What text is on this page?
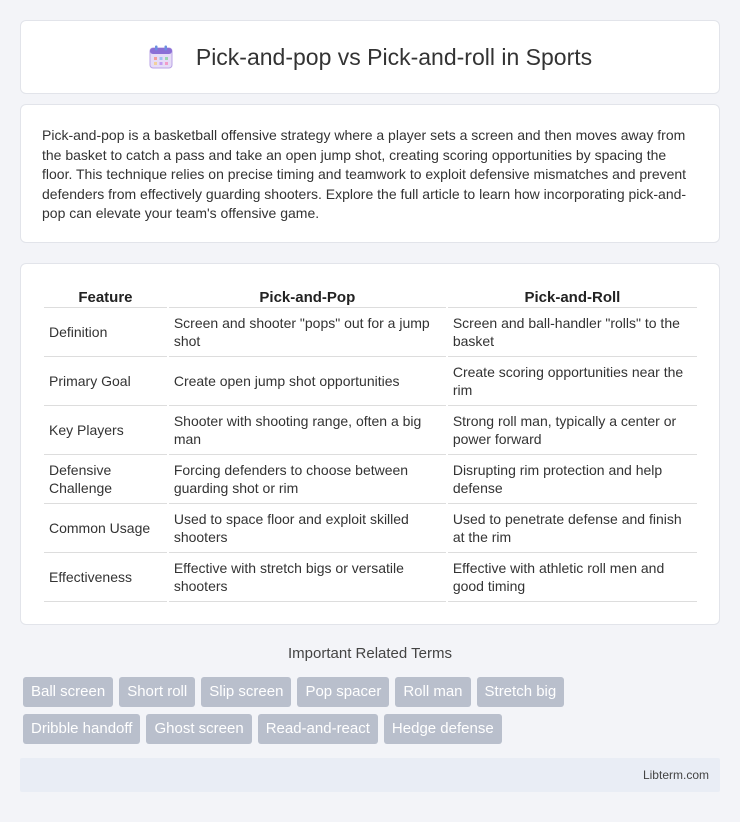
Pick-and-pop vs Pick-and-roll in Sports

Pick-and-pop is a basketball offensive strategy where a player sets a screen and then moves away from the basket to catch a pass and take an open jump shot, creating scoring opportunities by spacing the floor. This technique relies on precise timing and teamwork to exploit defensive mismatches and prevent defenders from effectively guarding shooters. Explore the full article to learn how incorporating pick-and-pop can elevate your team's offensive game.

Feature	Pick-and-Pop	Pick-and-Roll
Definition	Screen and shooter "pops" out for a jump shot	Screen and ball-handler "rolls" to the basket
Primary Goal	Create open jump shot opportunities	Create scoring opportunities near the rim
Key Players	Shooter with shooting range, often a big man	Strong roll man, typically a center or power forward
Defensive Challenge	Forcing defenders to choose between guarding shot or rim	Disrupting rim protection and help defense
Common Usage	Used to space floor and exploit skilled shooters	Used to penetrate defense and finish at the rim
Effectiveness	Effective with stretch bigs or versatile shooters	Effective with athletic roll men and good timing
Important Related Terms
Ball screen	Short roll	Slip screen	Pop spacer	Roll man	Stretch big
Dribble handoff	Ghost screen	Read-and-react	Hedge defense
Libterm.com
